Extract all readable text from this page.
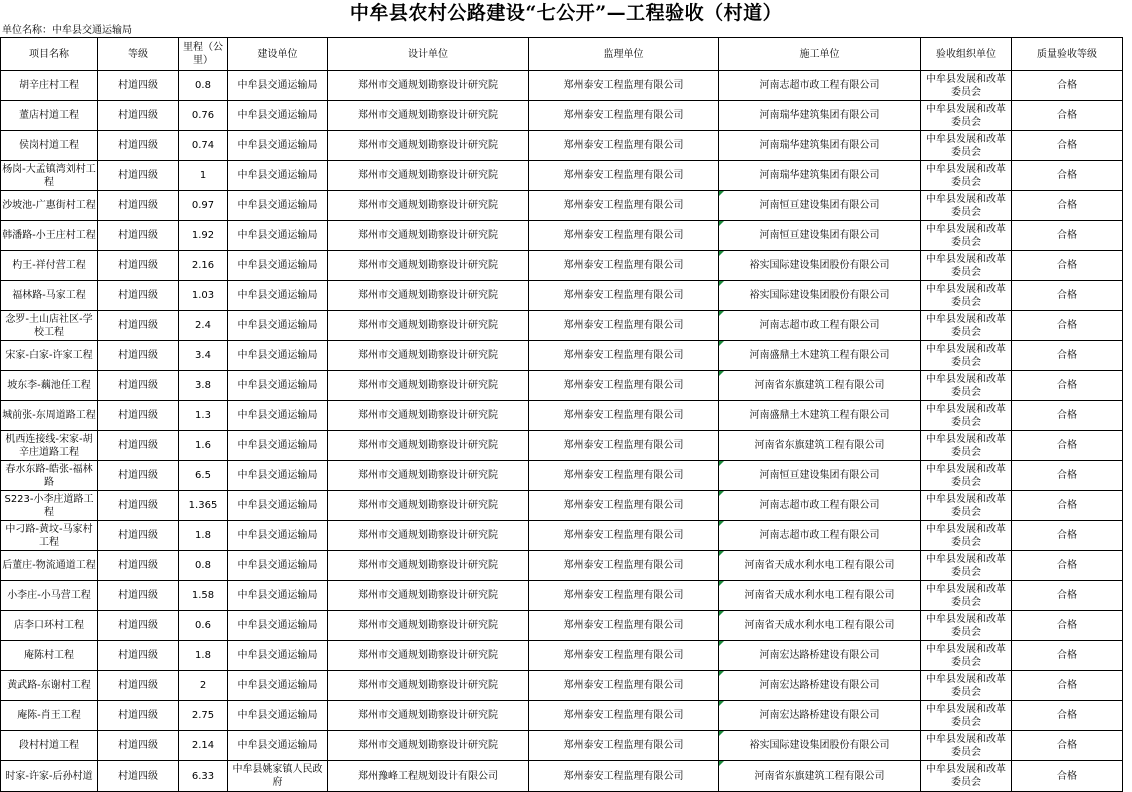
中牟县农村公路建设“七公开”—工程验收（村道）
单位名称：中牟县交通运输局
项目名称	等级	里程（公里）	建设单位	设计单位	监理单位	施工单位	验收组织单位	质量验收等级
胡辛庄村工程	村道四级	0.8	中牟县交通运输局	郑州市交通规划勘察设计研究院	郑州泰安工程监理有限公司	河南志超市政工程有限公司	中牟县发展和改革委员会	合格
董店村道工程	村道四级	0.76	中牟县交通运输局	郑州市交通规划勘察设计研究院	郑州泰安工程监理有限公司	河南瑞华建筑集团有限公司	中牟县发展和改革委员会	合格
侯岗村道工程	村道四级	0.74	中牟县交通运输局	郑州市交通规划勘察设计研究院	郑州泰安工程监理有限公司	河南瑞华建筑集团有限公司	中牟县发展和改革委员会	合格
杨岗-大孟镇湾刘村工程	村道四级	1	中牟县交通运输局	郑州市交通规划勘察设计研究院	郑州泰安工程监理有限公司	河南瑞华建筑集团有限公司	中牟县发展和改革委员会	合格
沙坡池-广惠街村工程	村道四级	0.97	中牟县交通运输局	郑州市交通规划勘察设计研究院	郑州泰安工程监理有限公司	河南恒亘建设集团有限公司	中牟县发展和改革委员会	合格
韩潘路-小王庄村工程	村道四级	1.92	中牟县交通运输局	郑州市交通规划勘察设计研究院	郑州泰安工程监理有限公司	河南恒亘建设集团有限公司	中牟县发展和改革委员会	合格
杓王-祥付营工程	村道四级	2.16	中牟县交通运输局	郑州市交通规划勘察设计研究院	郑州泰安工程监理有限公司	裕实国际建设集团股份有限公司	中牟县发展和改革委员会	合格
福林路-马家工程	村道四级	1.03	中牟县交通运输局	郑州市交通规划勘察设计研究院	郑州泰安工程监理有限公司	裕实国际建设集团股份有限公司	中牟县发展和改革委员会	合格
念罗-土山店社区-学校工程	村道四级	2.4	中牟县交通运输局	郑州市交通规划勘察设计研究院	郑州泰安工程监理有限公司	河南志超市政工程有限公司	中牟县发展和改革委员会	合格
宋家-白家-许家工程	村道四级	3.4	中牟县交通运输局	郑州市交通规划勘察设计研究院	郑州泰安工程监理有限公司	河南盛鼎土木建筑工程有限公司	中牟县发展和改革委员会	合格
坡东李-藕池任工程	村道四级	3.8	中牟县交通运输局	郑州市交通规划勘察设计研究院	郑州泰安工程监理有限公司	河南省东旗建筑工程有限公司	中牟县发展和改革委员会	合格
城前张-东周道路工程	村道四级	1.3	中牟县交通运输局	郑州市交通规划勘察设计研究院	郑州泰安工程监理有限公司	河南盛鼎土木建筑工程有限公司	中牟县发展和改革委员会	合格
机西连接线-宋家-胡辛庄道路工程	村道四级	1.6	中牟县交通运输局	郑州市交通规划勘察设计研究院	郑州泰安工程监理有限公司	河南省东旗建筑工程有限公司	中牟县发展和改革委员会	合格
春水东路-皓张-福林路	村道四级	6.5	中牟县交通运输局	郑州市交通规划勘察设计研究院	郑州泰安工程监理有限公司	河南恒亘建设集团有限公司	中牟县发展和改革委员会	合格
S223-小李庄道路工程	村道四级	1.365	中牟县交通运输局	郑州市交通规划勘察设计研究院	郑州泰安工程监理有限公司	河南志超市政工程有限公司	中牟县发展和改革委员会	合格
中刁路-黄坟-马家村工程	村道四级	1.8	中牟县交通运输局	郑州市交通规划勘察设计研究院	郑州泰安工程监理有限公司	河南志超市政工程有限公司	中牟县发展和改革委员会	合格
后董庄-物流通道工程	村道四级	0.8	中牟县交通运输局	郑州市交通规划勘察设计研究院	郑州泰安工程监理有限公司	河南省天成水利水电工程有限公司	中牟县发展和改革委员会	合格
小李庄-小马营工程	村道四级	1.58	中牟县交通运输局	郑州市交通规划勘察设计研究院	郑州泰安工程监理有限公司	河南省天成水利水电工程有限公司	中牟县发展和改革委员会	合格
店李口环村工程	村道四级	0.6	中牟县交通运输局	郑州市交通规划勘察设计研究院	郑州泰安工程监理有限公司	河南省天成水利水电工程有限公司	中牟县发展和改革委员会	合格
庵陈村工程	村道四级	1.8	中牟县交通运输局	郑州市交通规划勘察设计研究院	郑州泰安工程监理有限公司	河南宏达路桥建设有限公司	中牟县发展和改革委员会	合格
黄武路-东谢村工程	村道四级	2	中牟县交通运输局	郑州市交通规划勘察设计研究院	郑州泰安工程监理有限公司	河南宏达路桥建设有限公司	中牟县发展和改革委员会	合格
庵陈-肖王工程	村道四级	2.75	中牟县交通运输局	郑州市交通规划勘察设计研究院	郑州泰安工程监理有限公司	河南宏达路桥建设有限公司	中牟县发展和改革委员会	合格
段村村道工程	村道四级	2.14	中牟县交通运输局	郑州市交通规划勘察设计研究院	郑州泰安工程监理有限公司	裕实国际建设集团股份有限公司	中牟县发展和改革委员会	合格
时家-许家-后孙村道	村道四级	6.33	中牟县姚家镇人民政府	郑州豫峰工程规划设计有限公司	郑州泰安工程监理有限公司	河南省东旗建筑工程有限公司	中牟县发展和改革委员会	合格
